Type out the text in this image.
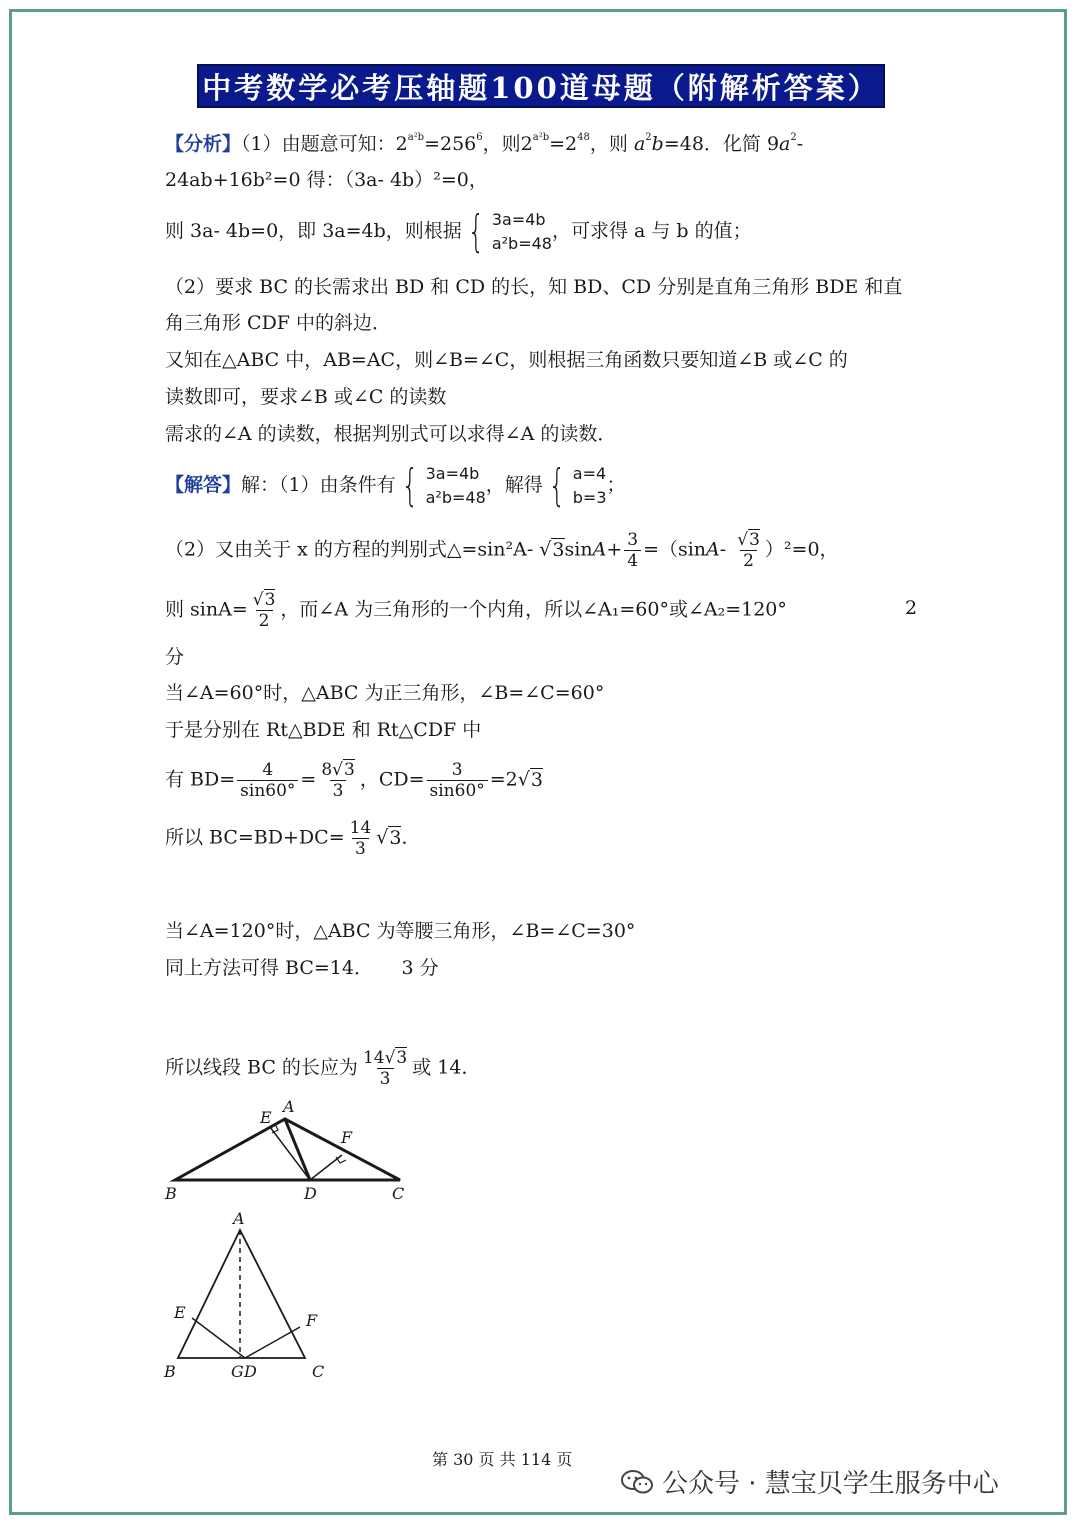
中考数学必考压轴题100道母题（附解析答案）
【分析】（1）由题意可知：$2^{a^2b}=256^6$，则$2^{a^2b}=2^{48}$，则 $a^2b=48$．化简 $9a^2-$
24ab+16b²=0 得：（3a- 4b）²=0，
则 3a- 4b=0，即 3a=4b，则根据 { 3a=4b
a²b=48
，可求得 a 与 b 的值；
（2）要求 BC 的长需求出 BD 和 CD 的长，知 BD、CD 分别是直角三角形 BDE 和直
角三角形 CDF 中的斜边．
又知在△ABC 中，AB=AC，则∠B=∠C，则根据三角函数只要知道∠B 或∠C 的
读数即可，要求∠B 或∠C 的读数
需求的∠A 的读数，根据判别式可以求得∠A 的读数．
【解答】解：（1）由条件有 { 3a=4b
a²b=48
，解得 { a=4
b=3
；
（2）又由关于 x 的方程的判别式△=sin²A- $√3\sin A+ \frac{3}{4} =(\sin A- \frac{√3}{2} )^2=0$，
则 $\sin A= \frac{√3}{2}$ ，而∠A 为三角形的一个内角，所以∠A₁=60°或∠A₂=120°	2
分
当∠A=60°时，△ABC 为正三角形，∠B=∠C=60°
于是分别在 Rt△BDE 和 Rt△CDF 中
有 $BD= \frac{4}{\sin 60^\circ} = \frac{8√3}{3}$ ，$CD= \frac{3}{\sin 60^\circ} =2√3$
所以 $BC=BD+DC= \frac{14}{3} √3$．
当∠A=120°时，△ABC 为等腰三角形，∠B=∠C=30°
同上方法可得 BC=14．　　3 分
所以线段 BC 的长应为 $\frac{14√3}{3}$ 或 14．
E
A
F
B	D	C
A
E	F
B	G D	C
第 30 页 共 114 页
公众号 · 慧宝贝学生服务中心
